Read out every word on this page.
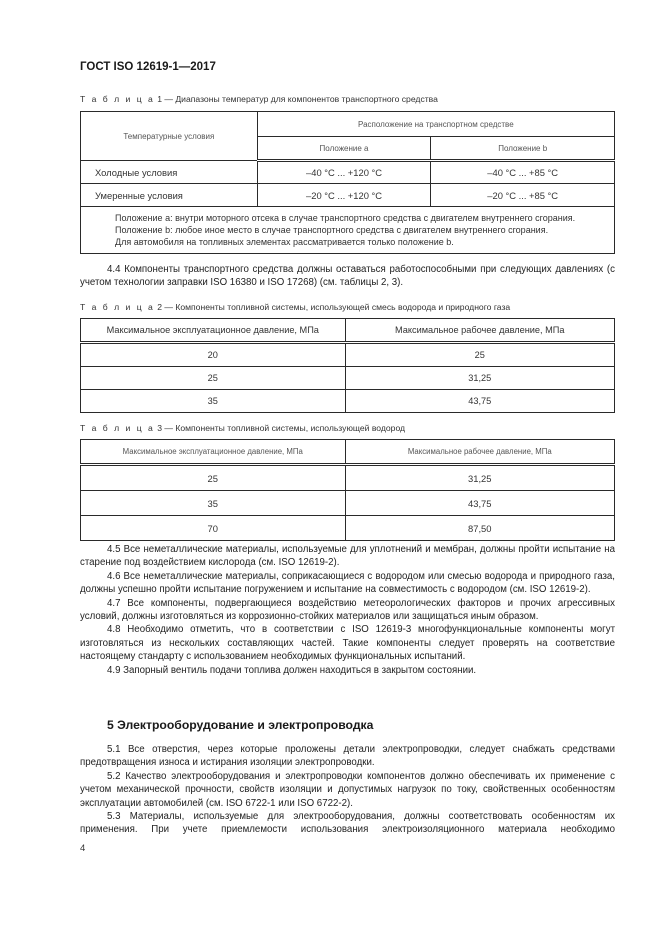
ГОСТ ISO 12619-1—2017
Т а б л и ц а 1 — Диапазоны температур для компонентов транспортного средства
Температурные условия	Расположение на транспортном средстве	
	Положение a	Положение b
Холодные условия	–40 °C ... +120 °C	–40 °C ... +85 °C
Умеренные условия	–20 °C ... +120 °C	–20 °C ... +85 °C

Положение a: внутри моторного отсека в случае транспортного средства с двигателем внутреннего сгорания.
Положение b: любое иное место в случае транспортного средства с двигателем внутреннего сгорания.
Для автомобиля на топливных элементах рассматривается только положение b.		

4.4 Компоненты транспортного средства должны оставаться работоспособными при следующих давлениях (с учетом технологии заправки ISO 16380 и ISO 17268) (см. таблицы 2, 3).

Т а б л и ц а 2 — Компоненты топливной системы, использующей смесь водорода и природного газа
Максимальное эксплуатационное давление, МПа	Максимальное рабочее давление, МПа
20	25
25	31,25
35	43,75
Т а б л и ц а 3 — Компоненты топливной системы, использующей водород
Максимальное эксплуатационное давление, МПа	Максимальное рабочее давление, МПа
25	31,25
35	43,75
70	87,50

4.5 Все неметаллические материалы, используемые для уплотнений и мембран, должны пройти испытание на старение под воздействием кислорода (см. ISO 12619-2).

4.6 Все неметаллические материалы, соприкасающиеся с водородом или смесью водорода и природного газа, должны успешно пройти испытание погружением и испытание на совместимость с водородом (см. ISO 12619-2).

4.7 Все компоненты, подвергающиеся воздействию метеорологических факторов и прочих агрессивных условий, должны изготовляться из коррозионно-стойких материалов или защищаться иным образом.

4.8 Необходимо отметить, что в соответствии с ISO 12619-3 многофункциональные компоненты могут изготовляться из нескольких составляющих частей. Такие компоненты следует проверять на соответствие настоящему стандарту с использованием необходимых функциональных испытаний.

4.9 Запорный вентиль подачи топлива должен находиться в закрытом состоянии.

5 Электрооборудование и электропроводка

5.1 Все отверстия, через которые проложены детали электропроводки, следует снабжать средствами предотвращения износа и истирания изоляции электропроводки.

5.2 Качество электрооборудования и электропроводки компонентов должно обеспечивать их применение с учетом механической прочности, свойств изоляции и допустимых нагрузок по току, свойственных особенностям эксплуатации автомобилей (см. ISO 6722-1 или ISO 6722-2).

5.3 Материалы, используемые для электрооборудования, должны соответствовать особенностям их применения. При учете приемлемости использования электроизоляционного материала необходимо

4
